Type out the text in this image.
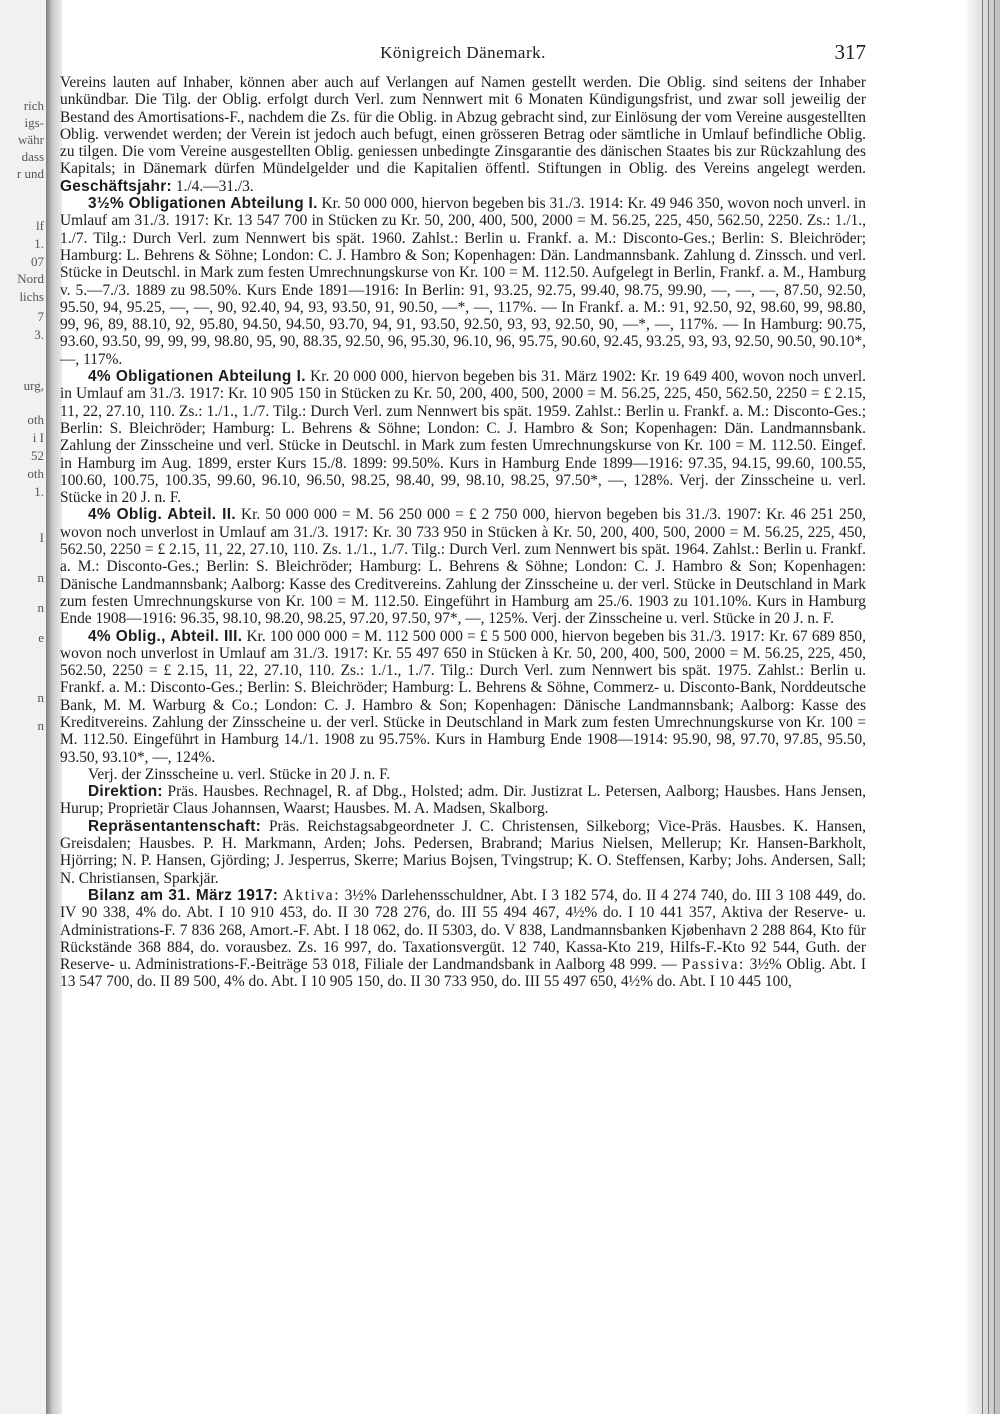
rich
igs-
währ
dass
r und
lf
1.
07
Nord
lichs
7
3.
urg,
oth
i I
52
oth
1.
I
n
n
e
n
n
Königreich Dänemark.	317

Vereins lauten auf Inhaber, können aber auch auf Verlangen auf Namen gestellt werden. Die Oblig. sind seitens der Inhaber unkündbar. Die Tilg. der Oblig. erfolgt durch Verl. zum Nennwert mit 6 Monaten Kündigungsfrist, und zwar soll jeweilig der Bestand des Amortisations-F., nachdem die Zs. für die Oblig. in Abzug gebracht sind, zur Einlösung der vom Vereine ausgestellten Oblig. verwendet werden; der Verein ist jedoch auch befugt, einen grösseren Betrag oder sämtliche in Umlauf befindliche Oblig. zu tilgen. Die vom Vereine ausgestellten Oblig. geniessen unbedingte Zinsgarantie des dänischen Staates bis zur Rückzahlung des Kapitals; in Dänemark dürfen Mündelgelder und die Kapitalien öffentl. Stiftungen in Oblig. des Vereins angelegt werden. Geschäftsjahr: 1./4.—31./3.

3½% Obligationen Abteilung I. Kr. 50 000 000, hiervon begeben bis 31./3. 1914: Kr. 49 946 350, wovon noch unverl. in Umlauf am 31./3. 1917: Kr. 13 547 700 in Stücken zu Kr. 50, 200, 400, 500, 2000 = M. 56.25, 225, 450, 562.50, 2250. Zs.: 1./1., 1./7. Tilg.: Durch Verl. zum Nennwert bis spät. 1960. Zahlst.: Berlin u. Frankf. a. M.: Disconto-Ges.; Berlin: S. Bleichröder; Hamburg: L. Behrens & Söhne; London: C. J. Hambro & Son; Kopenhagen: Dän. Landmannsbank. Zahlung d. Zinssch. und verl. Stücke in Deutschl. in Mark zum festen Umrechnungskurse von Kr. 100 = M. 112.50. Aufgelegt in Berlin, Frankf. a. M., Hamburg v. 5.—7./3. 1889 zu 98.50%. Kurs Ende 1891—1916: In Berlin: 91, 93.25, 92.75, 99.40, 98.75, 99.90, —, —, —, 87.50, 92.50, 95.50, 94, 95.25, —, —, 90, 92.40, 94, 93, 93.50, 91, 90.50, —*, —, 117%. — In Frankf. a. M.: 91, 92.50, 92, 98.60, 99, 98.80, 99, 96, 89, 88.10, 92, 95.80, 94.50, 94.50, 93.70, 94, 91, 93.50, 92.50, 93, 93, 92.50, 90, —*, —, 117%. — In Hamburg: 90.75, 93.60, 93.50, 99, 99, 99, 98.80, 95, 90, 88.35, 92.50, 96, 95.30, 96.10, 96, 95.75, 90.60, 92.45, 93.25, 93, 93, 92.50, 90.50, 90.10*, —, 117%.

4% Obligationen Abteilung I. Kr. 20 000 000, hiervon begeben bis 31. März 1902: Kr. 19 649 400, wovon noch unverl. in Umlauf am 31./3. 1917: Kr. 10 905 150 in Stücken zu Kr. 50, 200, 400, 500, 2000 = M. 56.25, 225, 450, 562.50, 2250 = £ 2.15, 11, 22, 27.10, 110. Zs.: 1./1., 1./7. Tilg.: Durch Verl. zum Nennwert bis spät. 1959. Zahlst.: Berlin u. Frankf. a. M.: Disconto-Ges.; Berlin: S. Bleichröder; Hamburg: L. Behrens & Söhne; London: C. J. Hambro & Son; Kopenhagen: Dän. Landmannsbank. Zahlung der Zinsscheine und verl. Stücke in Deutschl. in Mark zum festen Umrechnungskurse von Kr. 100 = M. 112.50. Eingef. in Hamburg im Aug. 1899, erster Kurs 15./8. 1899: 99.50%. Kurs in Hamburg Ende 1899—1916: 97.35, 94.15, 99.60, 100.55, 100.60, 100.75, 100.35, 99.60, 96.10, 96.50, 98.25, 98.40, 99, 98.10, 98.25, 97.50*, —, 128%. Verj. der Zinsscheine u. verl. Stücke in 20 J. n. F.

4% Oblig. Abteil. II. Kr. 50 000 000 = M. 56 250 000 = £ 2 750 000, hiervon begeben bis 31./3. 1907: Kr. 46 251 250, wovon noch unverlost in Umlauf am 31./3. 1917: Kr. 30 733 950 in Stücken à Kr. 50, 200, 400, 500, 2000 = M. 56.25, 225, 450, 562.50, 2250 = £ 2.15, 11, 22, 27.10, 110. Zs. 1./1., 1./7. Tilg.: Durch Verl. zum Nennwert bis spät. 1964. Zahlst.: Berlin u. Frankf. a. M.: Disconto-Ges.; Berlin: S. Bleichröder; Hamburg: L. Behrens & Söhne; London: C. J. Hambro & Son; Kopenhagen: Dänische Landmannsbank; Aalborg: Kasse des Creditvereins. Zahlung der Zinsscheine u. der verl. Stücke in Deutschland in Mark zum festen Umrechnungskurse von Kr. 100 = M. 112.50. Eingeführt in Hamburg am 25./6. 1903 zu 101.10%. Kurs in Hamburg Ende 1908—1916: 96.35, 98.10, 98.20, 98.25, 97.20, 97.50, 97*, —, 125%. Verj. der Zinsscheine u. verl. Stücke in 20 J. n. F.

4% Oblig., Abteil. III. Kr. 100 000 000 = M. 112 500 000 = £ 5 500 000, hiervon begeben bis 31./3. 1917: Kr. 67 689 850, wovon noch unverlost in Umlauf am 31./3. 1917: Kr. 55 497 650 in Stücken à Kr. 50, 200, 400, 500, 2000 = M. 56.25, 225, 450, 562.50, 2250 = £ 2.15, 11, 22, 27.10, 110. Zs.: 1./1., 1./7. Tilg.: Durch Verl. zum Nennwert bis spät. 1975. Zahlst.: Berlin u. Frankf. a. M.: Disconto-Ges.; Berlin: S. Bleichröder; Hamburg: L. Behrens & Söhne, Commerz- u. Disconto-Bank, Norddeutsche Bank, M. M. Warburg & Co.; London: C. J. Hambro & Son; Kopenhagen: Dänische Landmannsbank; Aalborg: Kasse des Kreditvereins. Zahlung der Zinsscheine u. der verl. Stücke in Deutschland in Mark zum festen Umrechnungskurse von Kr. 100 = M. 112.50. Eingeführt in Hamburg 14./1. 1908 zu 95.75%. Kurs in Hamburg Ende 1908—1914: 95.90, 98, 97.70, 97.85, 95.50, 93.50, 93.10*, —, 124%.

Verj. der Zinsscheine u. verl. Stücke in 20 J. n. F.

Direktion: Präs. Hausbes. Rechnagel, R. af Dbg., Holsted; adm. Dir. Justizrat L. Petersen, Aalborg; Hausbes. Hans Jensen, Hurup; Proprietär Claus Johannsen, Waarst; Hausbes. M. A. Madsen, Skalborg.

Repräsentantenschaft: Präs. Reichstagsabgeordneter J. C. Christensen, Silkeborg; Vice-Präs. Hausbes. K. Hansen, Greisdalen; Hausbes. P. H. Markmann, Arden; Johs. Pedersen, Brabrand; Marius Nielsen, Mellerup; Kr. Hansen-Barkholt, Hjörring; N. P. Hansen, Gjörding; J. Jesperrus, Skerre; Marius Bojsen, Tvingstrup; K. O. Steffensen, Karby; Johs. Andersen, Sall; N. Christiansen, Sparkjär.

Bilanz am 31. März 1917: Aktiva: 3½% Darlehensschuldner, Abt. I 3 182 574, do. II 4 274 740, do. III 3 108 449, do. IV 90 338, 4% do. Abt. I 10 910 453, do. II 30 728 276, do. III 55 494 467, 4½% do. I 10 441 357, Aktiva der Reserve- u. Administrations-F. 7 836 268, Amort.-F. Abt. I 18 062, do. II 5303, do. V 838, Landmannsbanken Kjøbenhavn 2 288 864, Kto für Rückstände 368 884, do. vorausbez. Zs. 16 997, do. Taxationsvergüt. 12 740, Kassa-Kto 219, Hilfs-F.-Kto 92 544, Guth. der Reserve- u. Administrations-F.-Beiträge 53 018, Filiale der Landmandsbank in Aalborg 48 999. — Passiva: 3½% Oblig. Abt. I 13 547 700, do. II 89 500, 4% do. Abt. I 10 905 150, do. II 30 733 950, do. III 55 497 650, 4½% do. Abt. I 10 445 100,
